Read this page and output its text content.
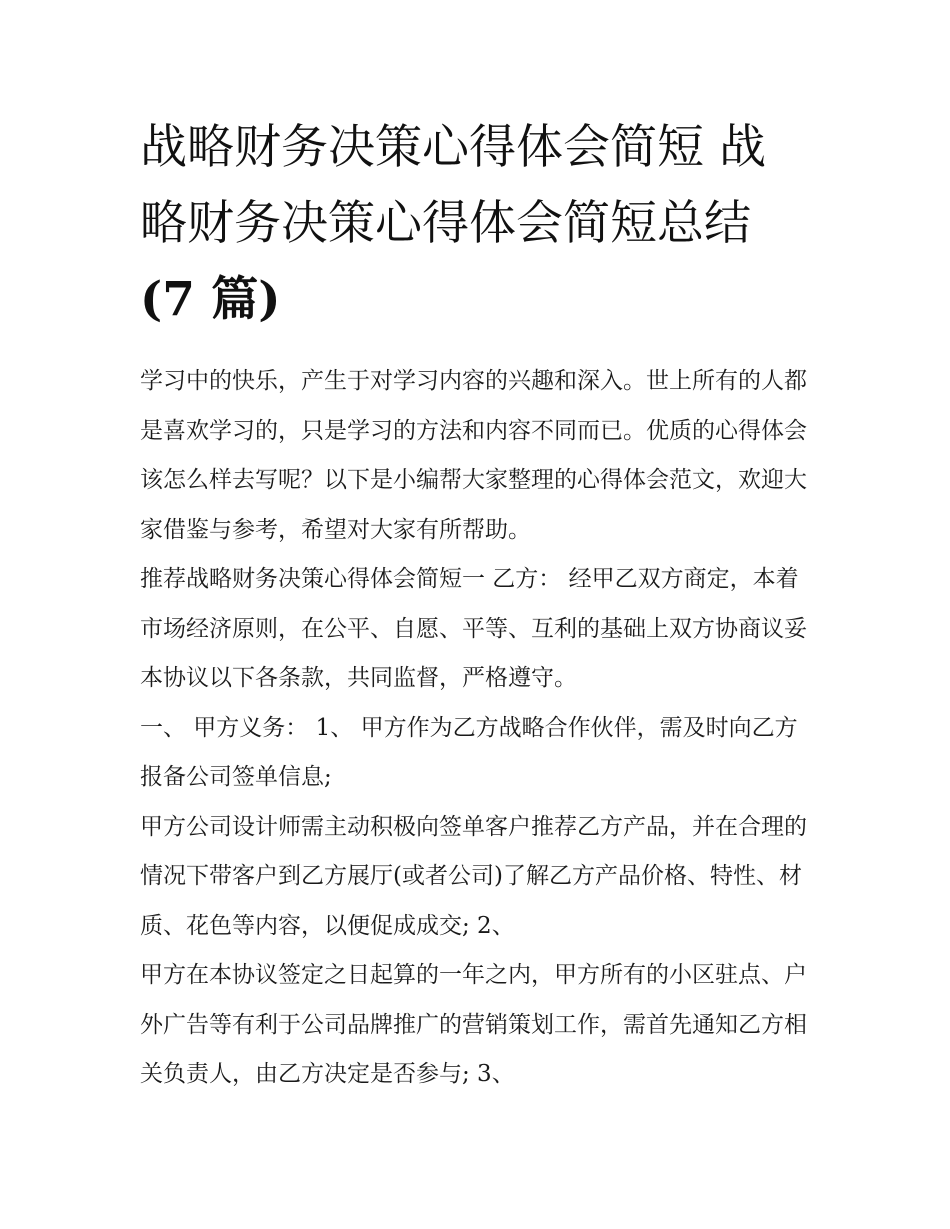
战略财务决策心得体会简短 战略财务决策心得体会简短总结
(7 篇)

学习中的快乐，产生于对学习内容的兴趣和深入。世上所有的人都是喜欢学习的，只是学习的方法和内容不同而已。优质的心得体会该怎么样去写呢？以下是小编帮大家整理的心得体会范文，欢迎大家借鉴与参考，希望对大家有所帮助。

推荐战略财务决策心得体会简短一 乙方： 经甲乙双方商定，本着市场经济原则，在公平、自愿、平等、互利的基础上双方协商议妥本协议以下各条款，共同监督，严格遵守。

一、 甲方义务： 1、 甲方作为乙方战略合作伙伴，需及时向乙方报备公司签单信息;

甲方公司设计师需主动积极向签单客户推荐乙方产品，并在合理的情况下带客户到乙方展厅(或者公司)了解乙方产品价格、特性、材质、花色等内容，以便促成成交; 2、

甲方在本协议签定之日起算的一年之内，甲方所有的小区驻点、户外广告等有利于公司品牌推广的营销策划工作，需首先通知乙方相关负责人，由乙方决定是否参与; 3、
